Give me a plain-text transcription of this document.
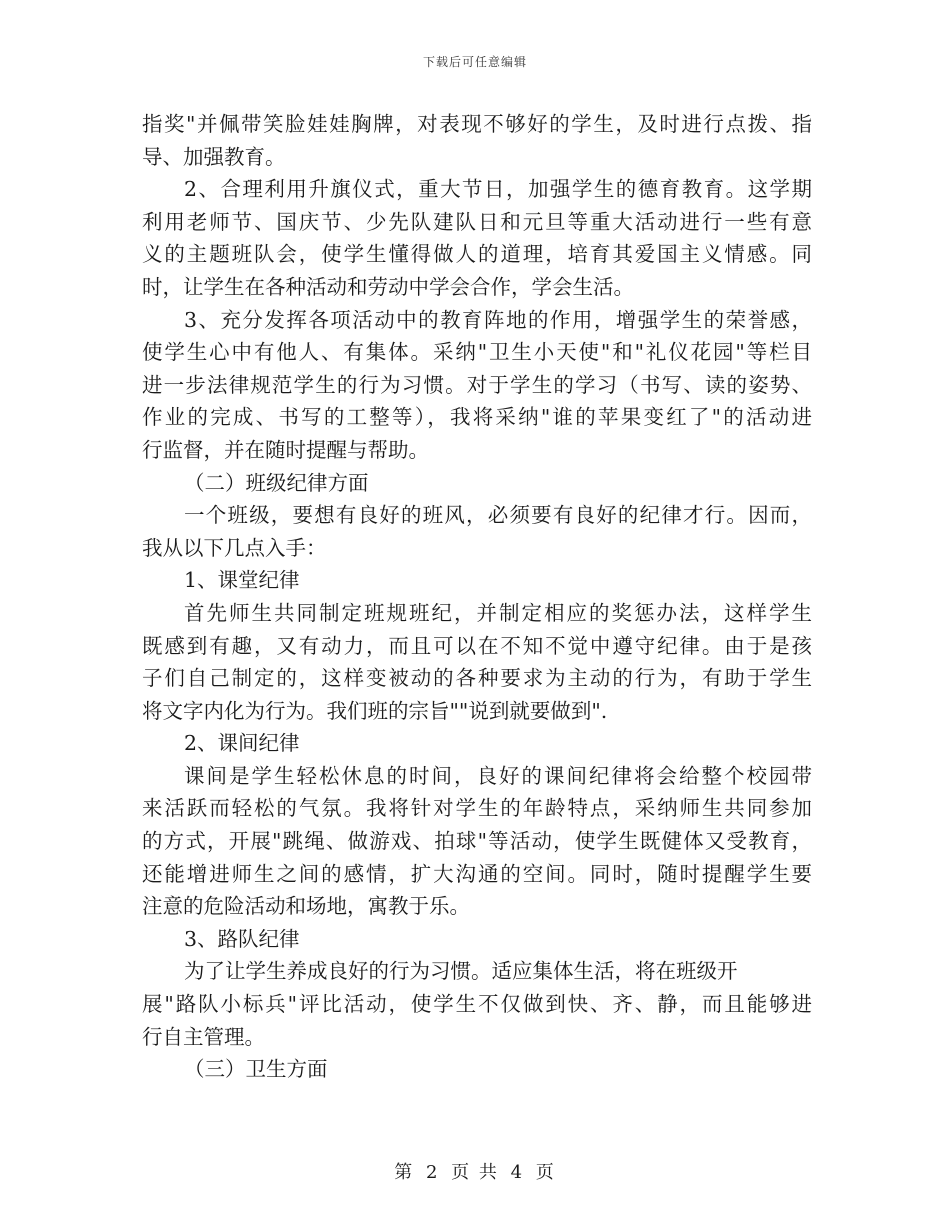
下载后可任意编辑
指奖"并佩带笑脸娃娃胸牌，对表现不够好的学生，及时进行点拨、指
导、加强教育。
2、合理利用升旗仪式，重大节日，加强学生的德育教育。这学期
利用老师节、国庆节、少先队建队日和元旦等重大活动进行一些有意
义的主题班队会，使学生懂得做人的道理，培育其爱国主义情感。同
时，让学生在各种活动和劳动中学会合作，学会生活。
3、充分发挥各项活动中的教育阵地的作用，增强学生的荣誉感，
使学生心中有他人、有集体。采纳"卫生小天使"和"礼仪花园"等栏目
进一步法律规范学生的行为习惯。对于学生的学习（书写、读的姿势、
作业的完成、书写的工整等），我将采纳"谁的苹果变红了"的活动进
行监督，并在随时提醒与帮助。
（二）班级纪律方面
一个班级，要想有良好的班风，必须要有良好的纪律才行。因而，
我从以下几点入手：
1、课堂纪律
首先师生共同制定班规班纪，并制定相应的奖惩办法，这样学生
既感到有趣，又有动力，而且可以在不知不觉中遵守纪律。由于是孩
子们自己制定的，这样变被动的各种要求为主动的行为，有助于学生
将文字内化为行为。我们班的宗旨""说到就要做到".
2、课间纪律
课间是学生轻松休息的时间，良好的课间纪律将会给整个校园带
来活跃而轻松的气氛。我将针对学生的年龄特点，采纳师生共同参加
的方式，开展"跳绳、做游戏、拍球"等活动，使学生既健体又受教育，
还能增进师生之间的感情，扩大沟通的空间。同时，随时提醒学生要
注意的危险活动和场地，寓教于乐。
3、路队纪律
为了让学生养成良好的行为习惯。适应集体生活，将在班级开
展"路队小标兵"评比活动，使学生不仅做到快、齐、静，而且能够进
行自主管理。
（三）卫生方面
第 2 页 共 4 页
